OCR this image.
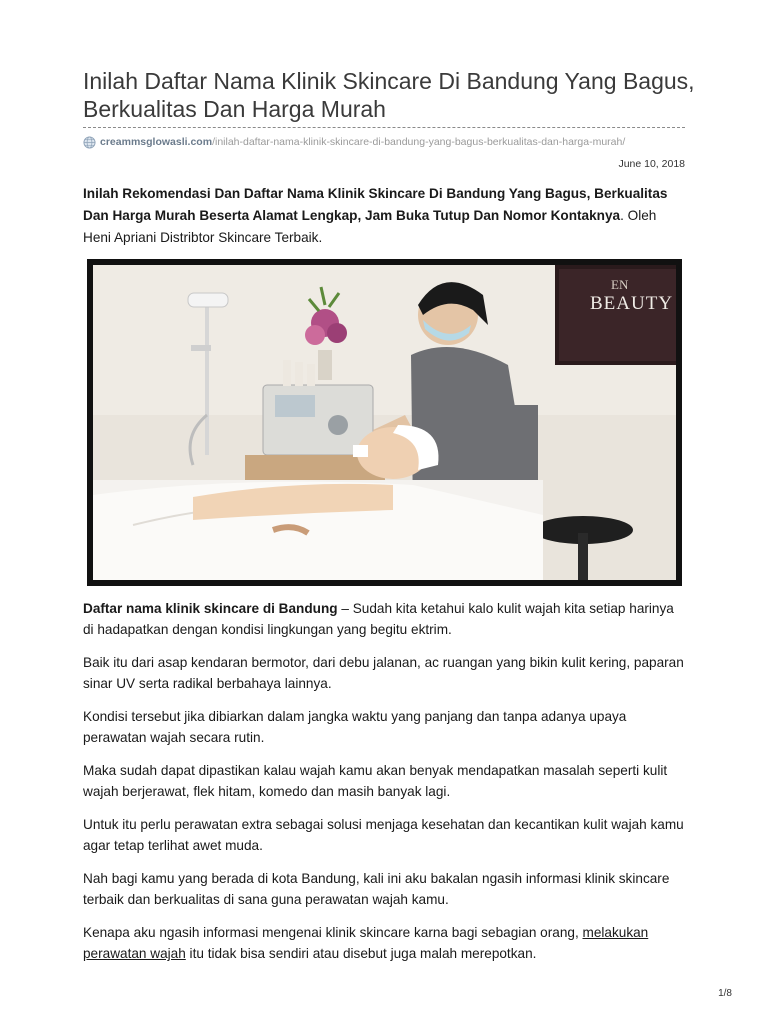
Inilah Daftar Nama Klinik Skincare Di Bandung Yang Bagus, Berkualitas Dan Harga Murah
creammsglowasli.com /inilah-daftar-nama-klinik-skincare-di-bandung-yang-bagus-berkualitas-dan-harga-murah/
June 10, 2018
Inilah Rekomendasi Dan Daftar Nama Klinik Skincare Di Bandung Yang Bagus, Berkualitas Dan Harga Murah Beserta Alamat Lengkap, Jam Buka Tutup Dan Nomor Kontaknya. Oleh Heni Apriani Distribtor Skincare Terbaik.
EN
BEAUTY

Daftar nama klinik skincare di Bandung – Sudah kita ketahui kalo kulit wajah kita setiap harinya di hadapatkan dengan kondisi lingkungan yang begitu ektrim.

Baik itu dari asap kendaran bermotor, dari debu jalanan, ac ruangan yang bikin kulit kering, paparan sinar UV serta radikal berbahaya lainnya.

Kondisi tersebut jika dibiarkan dalam jangka waktu yang panjang dan tanpa adanya upaya perawatan wajah secara rutin.

Maka sudah dapat dipastikan kalau wajah kamu akan benyak mendapatkan masalah seperti kulit wajah berjerawat, flek hitam, komedo dan masih banyak lagi.

Untuk itu perlu perawatan extra sebagai solusi menjaga kesehatan dan kecantikan kulit wajah kamu agar tetap terlihat awet muda.

Nah bagi kamu yang berada di kota Bandung, kali ini aku bakalan ngasih informasi klinik skincare terbaik dan berkualitas di sana guna perawatan wajah kamu.

Kenapa aku ngasih informasi mengenai klinik skincare karna bagi sebagian orang, melakukan perawatan wajah itu tidak bisa sendiri atau disebut juga malah merepotkan.

1/8
